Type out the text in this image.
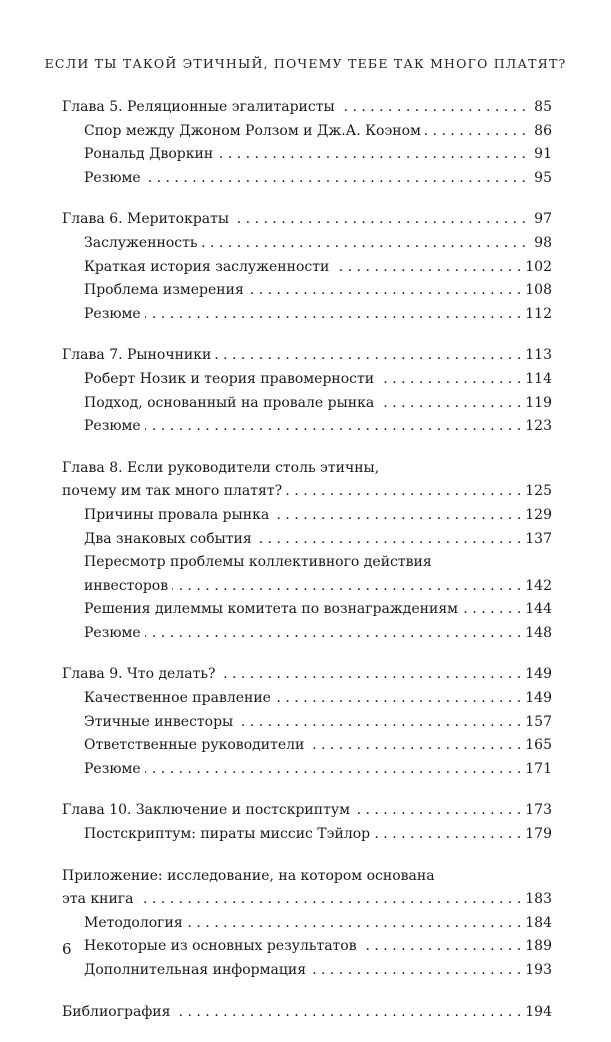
ЕСЛИ ТЫ ТАКОЙ ЭТИЧНЫЙ, ПОЧЕМУ ТЕБЕ ТАК МНОГО ПЛАТЯТ?
Глава 5. Реляционные эгалитаристы . . .	85
Спор между Джоном Ролзом и Дж.А. Коэном . . .	86
Рональд Дворкин . . .	91
Резюме . . .	95
Глава 6. Меритократы . . .	97
Заслуженность . . .	98
Краткая история заслуженности . . .	102
Проблема измерения . . .	108
Резюме . . .	112
Глава 7. Рыночники . . .	113
Роберт Нозик и теория правомерности . . .	114
Подход, основанный на провале рынка . . .	119
Резюме . . .	123
Глава 8. Если руководители столь этичны,
почему им так много платят? . . .	125
Причины провала рынка . . .	129
Два знаковых события . . .	137
Пересмотр проблемы коллективного действия
инвесторов . . .	142
Решения дилеммы комитета по вознаграждениям . . .	144
Резюме . . .	148
Глава 9. Что делать? . . .	149
Качественное правление . . .	149
Этичные инвесторы . . .	157
Ответственные руководители . . .	165
Резюме . . .	171
Глава 10. Заключение и постскриптум . . .	173
Постскриптум: пираты миссис Тэйлор . . .	179
Приложение: исследование, на котором основана
эта книга . . .	183
Методология . . .	184
Некоторые из основных результатов . . .	189
Дополнительная информация . . .	193
Библиография . . .	194
6
